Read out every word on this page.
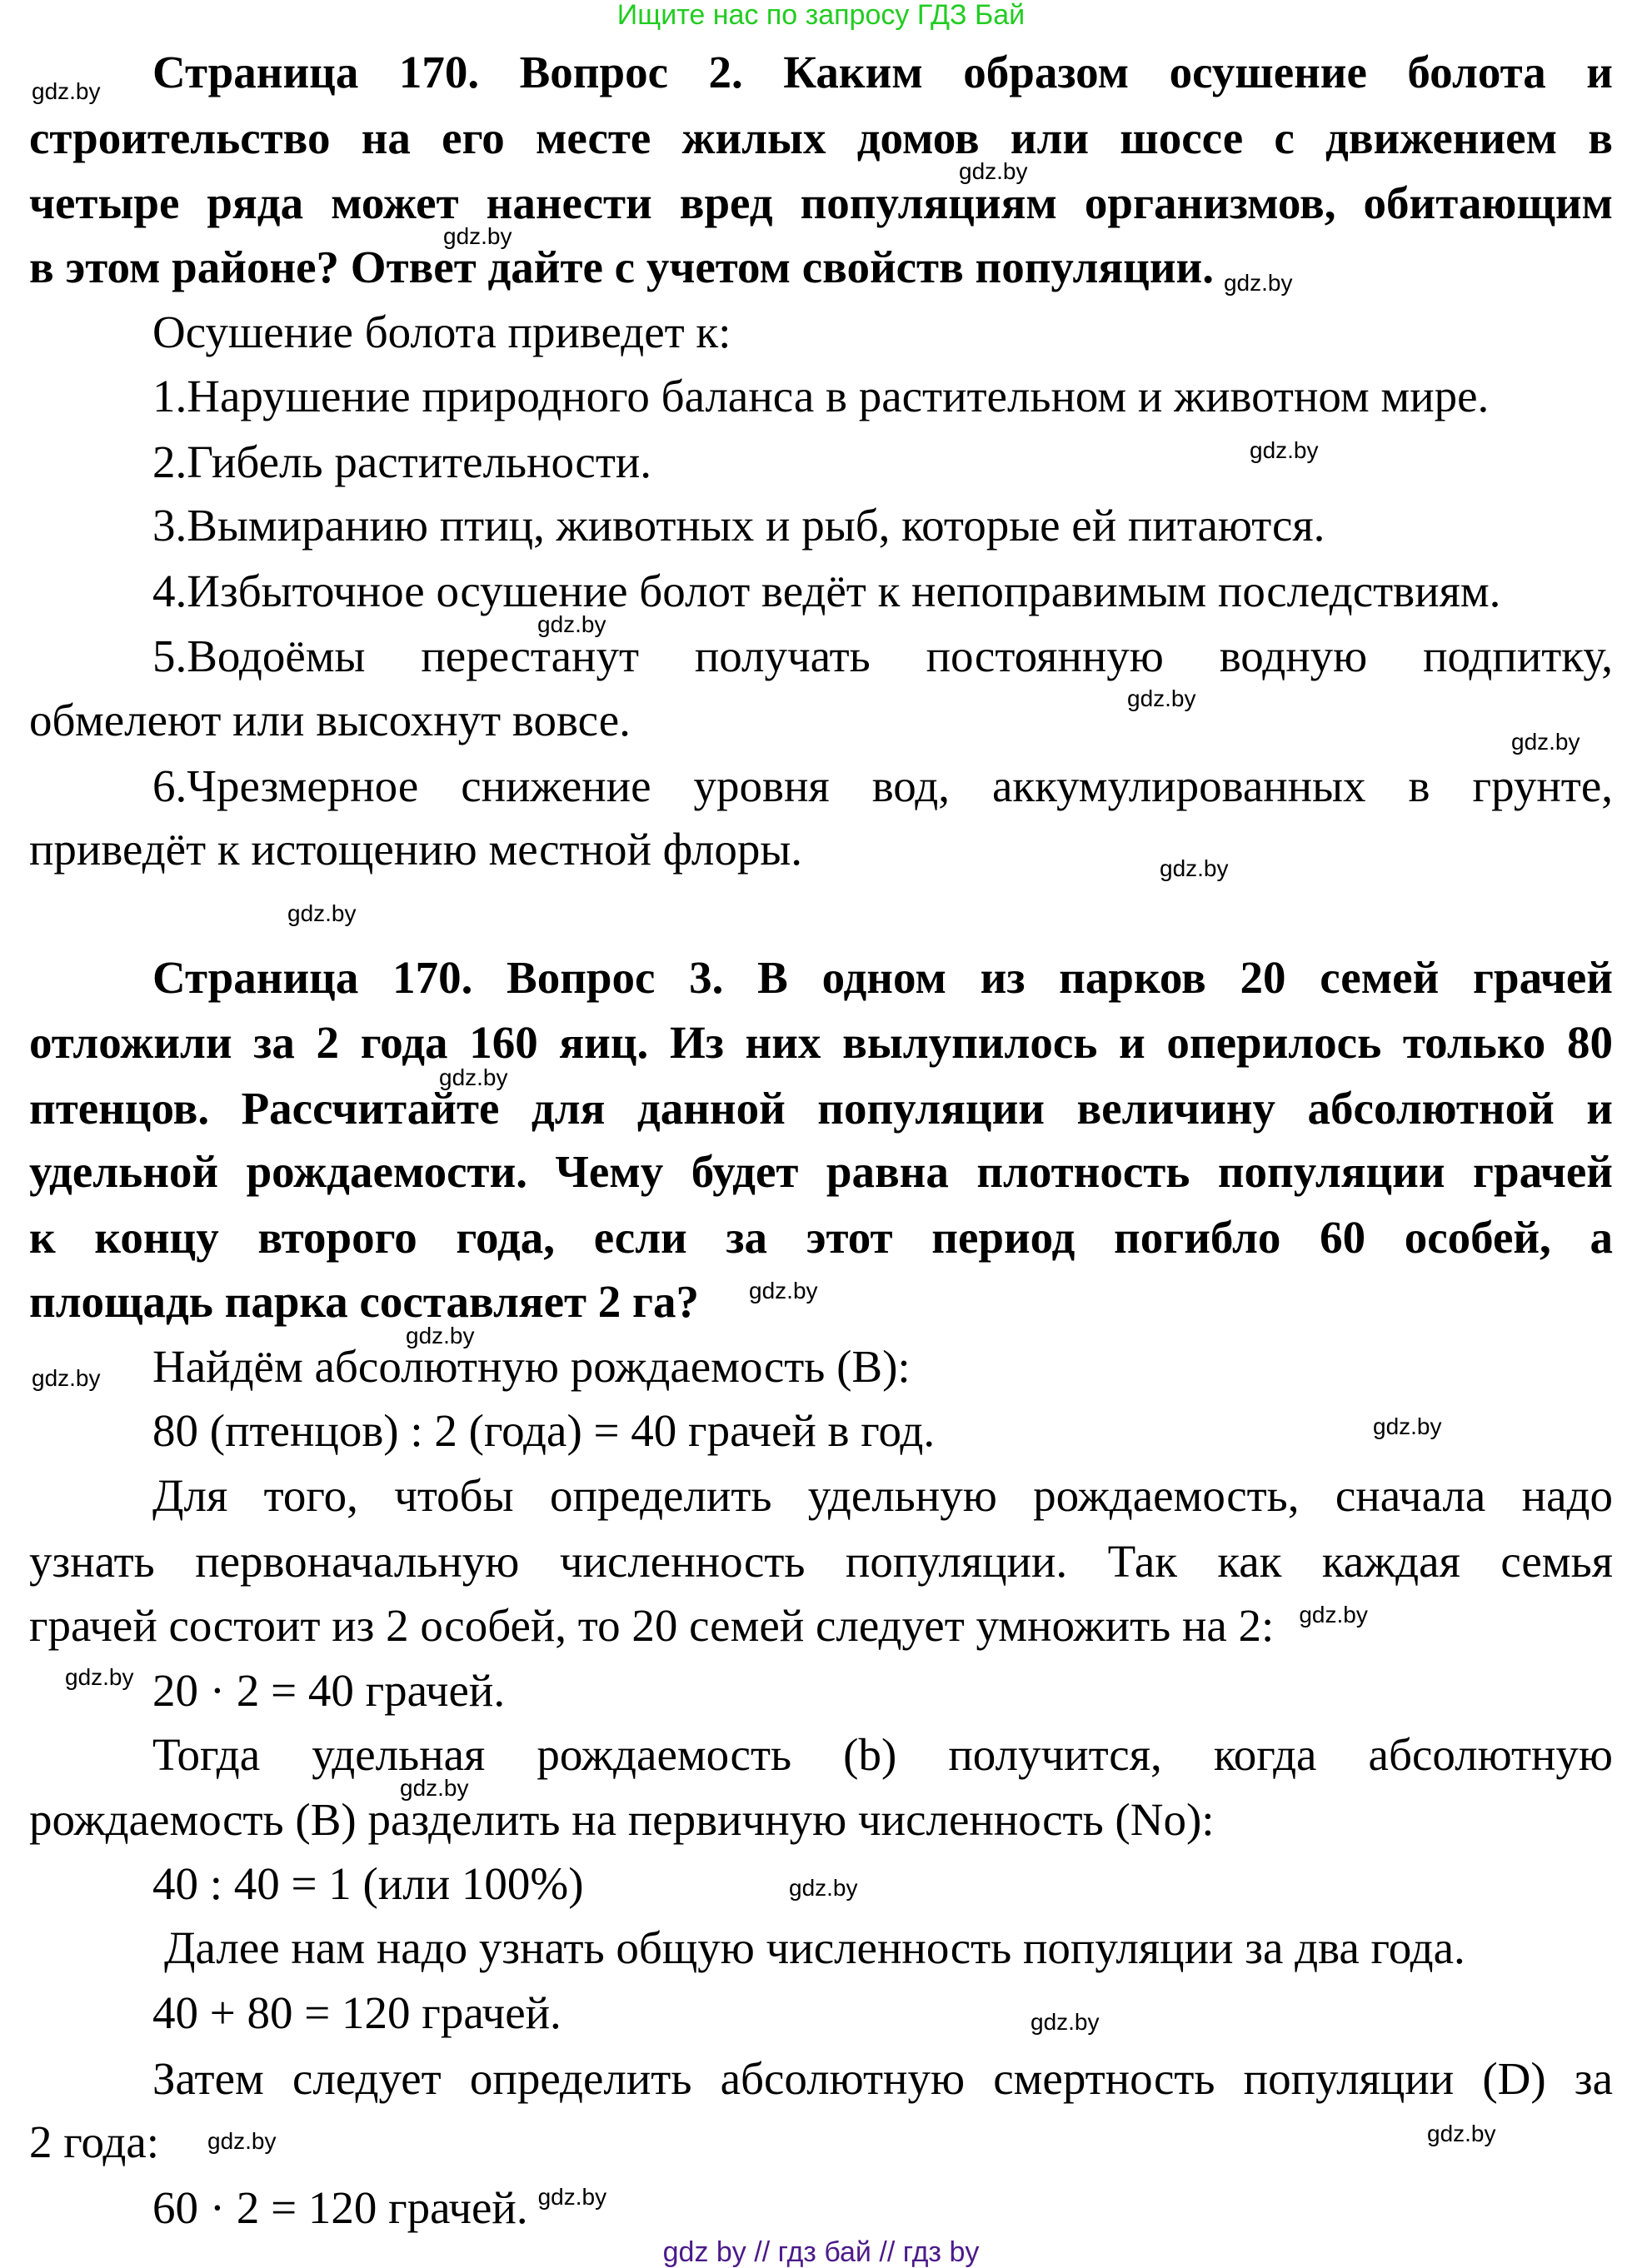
Ищите нас по запросу ГДЗ Бай
Страница 170. Вопрос 2. Каким образом осушение болота и
строительство на его месте жилых домов или шоссе с движением в
четыре ряда может нанести вред популяциям организмов, обитающим
в этом районе? Ответ дайте с учетом свойств популяции. gdz.by
Осушение болота приведет к:
1.Нарушение природного баланса в растительном и животном мире.
2.Гибель растительности.
3.Вымиранию птиц, животных и рыб, которые ей питаются.
4.Избыточное осушение болот ведёт к непоправимым последствиям.
5.Водоёмы перестанут получать постоянную водную подпитку,
обмелеют или высохнут вовсе.
6.Чрезмерное снижение уровня вод, аккумулированных в грунте,
приведёт к истощению местной флоры.
Страница 170. Вопрос 3. В одном из парков 20 семей грачей
отложили за 2 года 160 яиц. Из них вылупилось и оперилось только 80
птенцов. Рассчитайте для данной популяции величину абсолютной и
удельной рождаемости. Чему будет равна плотность популяции грачей
к концу второго года, если за этот период погибло 60 особей, а
площадь парка составляет 2 га? $^{gdz.by}$
Найдём абсолютную рождаемость (B):
80 (птенцов) : 2 (года) = 40 грачей в год.
Для того, чтобы определить удельную рождаемость, сначала надо
узнать первоначальную численность популяции. Так как каждая семья
грачей состоит из 2 особей, то 20 семей следует умножить на 2: $^{gdz.by}$
20 · 2 = 40 грачей.
Тогда удельная рождаемость (b) получится, когда абсолютную
рождаемость (B) разделить на первичную численность (No):
40 : 40 = 1 (или 100%)
Далее нам надо узнать общую численность популяции за два года.
40 + 80 = 120 грачей.
Затем следует определить абсолютную смертность популяции (D) за
2 года:
60 · 2 = 120 грачей. $^{gdz.by}$
gdz.by
gdz.by
gdz.by
gdz.by
gdz.by
gdz.by
gdz.by
gdz.by
gdz.by
gdz.by
gdz.by
gdz.by
gdz.by
gdz.by
gdz.by
gdz.by
gdz.by
gdz.by
gdz.by
gdz by // гдз бай // гдз by
